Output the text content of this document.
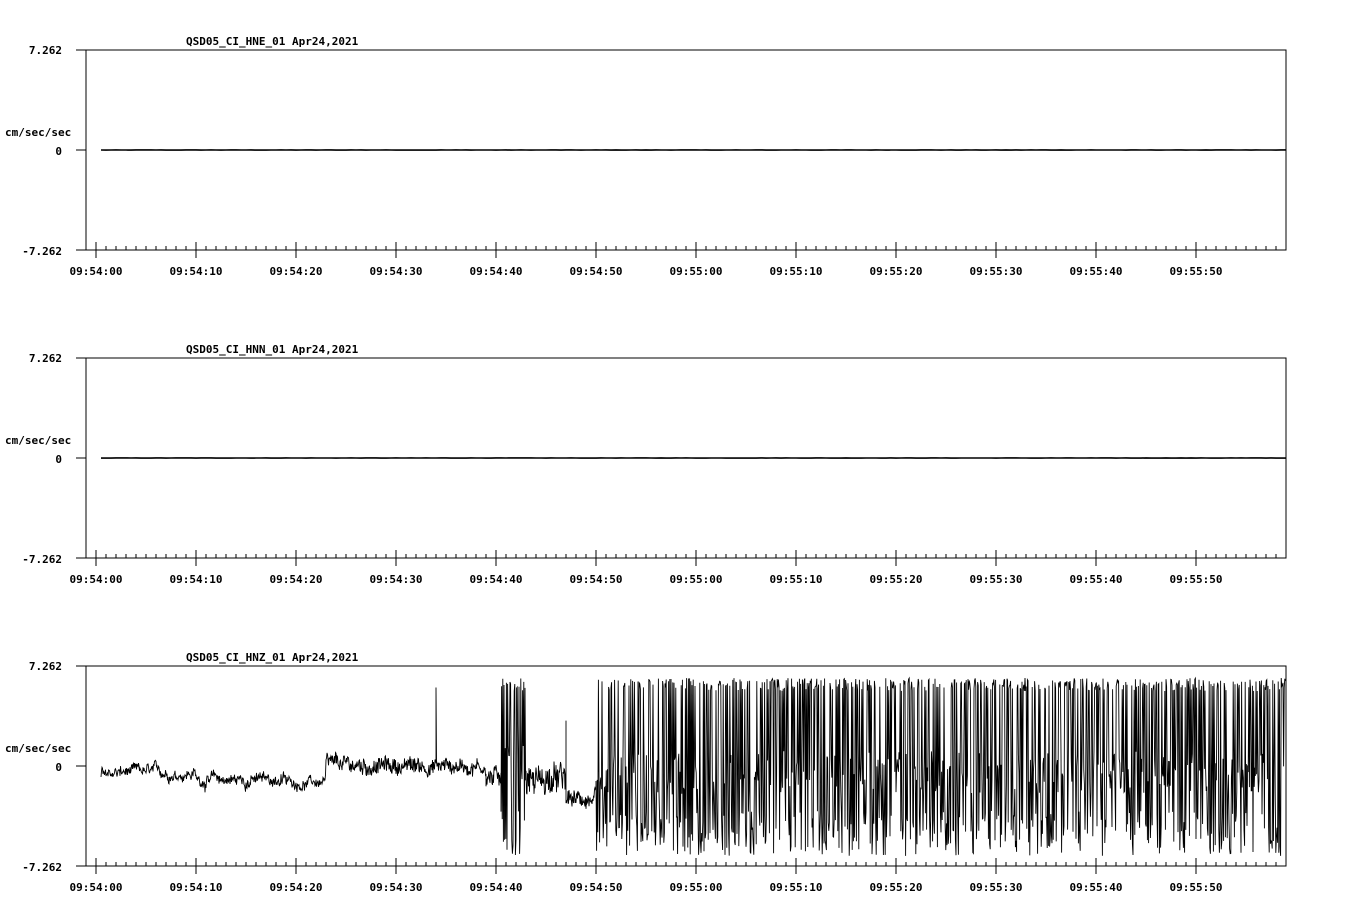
QSD05_CI_HNE_01 Apr24,2021
cm/sec/sec
7.262
0
-7.262
09:54:00	09:54:10	09:54:20	09:54:30	09:54:40	09:54:50	09:55:00	09:55:10	09:55:20	09:55:30	09:55:40	09:55:50
QSD05_CI_HNN_01 Apr24,2021
cm/sec/sec
7.262
0
-7.262
09:54:00	09:54:10	09:54:20	09:54:30	09:54:40	09:54:50	09:55:00	09:55:10	09:55:20	09:55:30	09:55:40	09:55:50
QSD05_CI_HNZ_01 Apr24,2021
cm/sec/sec
7.262
0
-7.262
09:54:00	09:54:10	09:54:20	09:54:30	09:54:40	09:54:50	09:55:00	09:55:10	09:55:20	09:55:30	09:55:40	09:55:50
